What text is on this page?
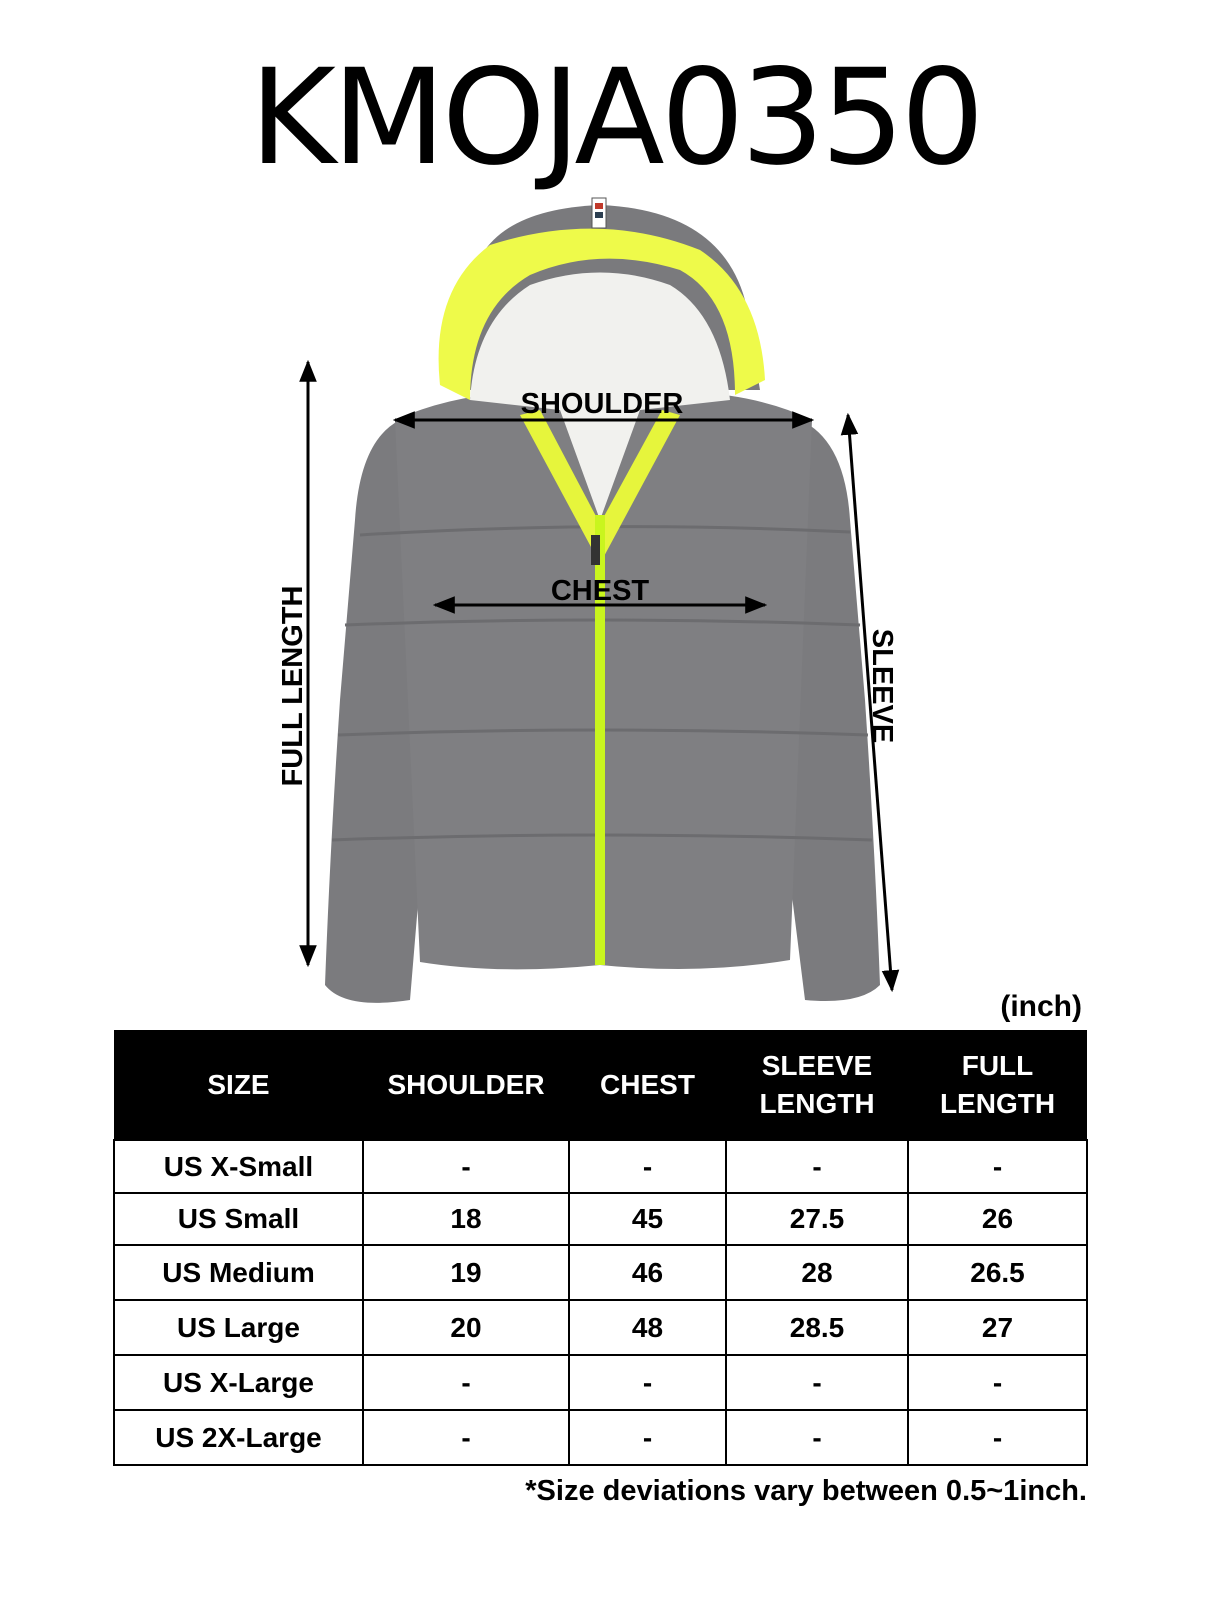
KMOJA0350
SHOULDER
CHEST
FULL LENGTH	SLEEVE
(inch)
SIZE	SHOULDER	CHEST	SLEEVE LENGTH	FULL LENGTH
US X-Small	-	-	-	-
US Small	18	45	27.5	26
US Medium	19	46	28	26.5
US Large	20	48	28.5	27
US X-Large	-	-	-	-
US 2X-Large	-	-	-	-
*Size deviations vary between 0.5~1inch.
